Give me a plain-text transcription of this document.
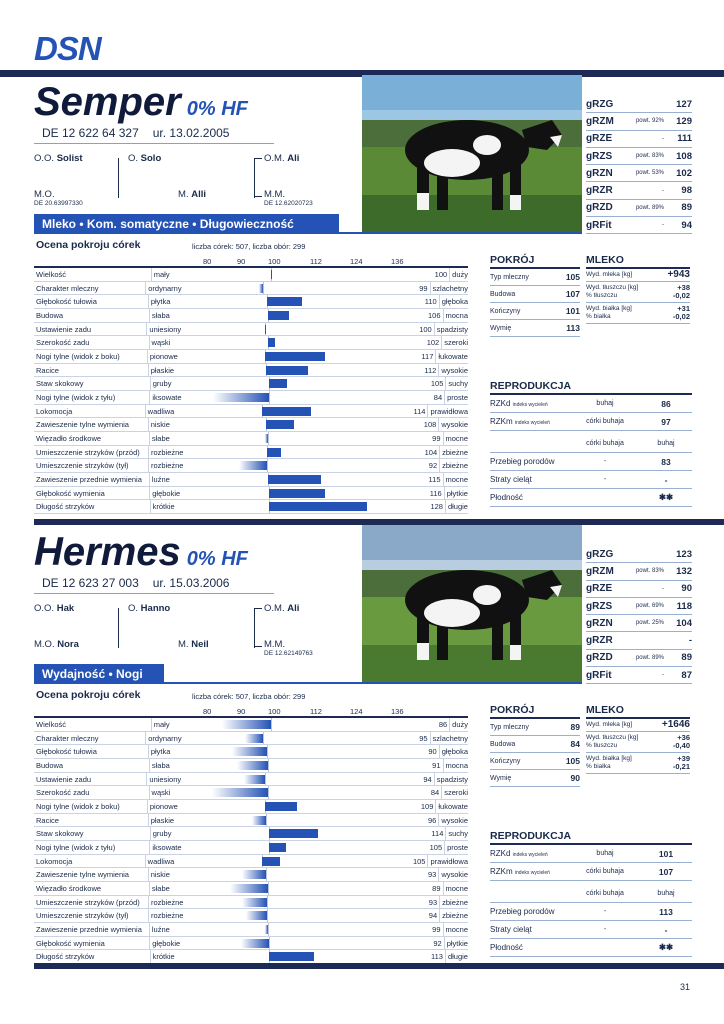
DSN
Semper 0% HF
DE 12 622 64 327 ur. 13.02.2005
O.O. Solist	O. Solo	O.M. Ali
M.O.
DE 20.63997330
M. Alli	M.M.
DE 12.62020723
Mleko • Kom. somatyczne • Długowieczność
gRZG	127
gRZM	powt. 92%	129
gRZE	-	111
gRZS	powt. 83%	108
gRZN	powt. 53%	102
gRZR	-	98
gRZD	powt. 89%	89
gRFit	-	94
Ocena pokroju córek	liczba córek: 507, liczba obór: 299
80	90	100	112	124	136
Wielkość	mały	100 duży
Charakter mleczny	ordynarny	99 szlachetny
Głębokość tułowia	płytka	110 głęboka
Budowa	słaba	106 mocna
Ustawienie zadu	uniesiony	100 spadzisty
Szerokość zadu	wąski	102 szeroki
Nogi tylne (widok z boku)	pionowe	117 łukowate
Racice	płaskie	112 wysokie
Staw skokowy	gruby	105 suchy
Nogi tylne (widok z tyłu)	iksowate	84 proste
Lokomocja	wadliwa	114 prawidłowa
Zawieszenie tylne wymienia	niskie	108 wysokie
Więzadło środkowe	słabe	99 mocne
Umieszczenie strzyków (przód)	rozbieżne	104 zbieżne
Umieszczenie strzyków (tył)	rozbieżne	92 zbieżne
Zawieszenie przednie wymienia	luźne	115 mocne
Głębokość wymienia	głębokie	116 płytkie
Długość strzyków	krótkie	128 długie
POKRÓJ
Typ mleczny	105
Budowa	107
Kończyny	101
Wymię	113
MLEKO
Wyd. mleka [kg]	+943
Wyd. tłuszczu [kg]	+38
% tłuszczu	-0,02
Wyd. białka [kg]	+31
% białka	-0,02
REPRODUKCJA
RZKd indeks wycieleń	buhaj	86
RZKm indeks wycieleń	córki buhaja	97
córki buhaja	buhaj
Przebieg porodów	-	83
Straty cieląt	-	-
Płodność	✱✱
Hermes 0% HF
DE 12 623 27 003 ur. 15.03.2006
O.O. Hak	O. Hanno	O.M. Ali
M.O. Nora	M. Neil	M.M.
DE 12.62149763
Wydajność • Nogi
gRZG	123
gRZM	powt. 83%	132
gRZE	-	90
gRZS	powt. 69%	118
gRZN	powt. 25%	104
gRZR	-
gRZD	powt. 89%	89
gRFit	-	87
Ocena pokroju córek	liczba córek: 507, liczba obór: 299
80	90	100	112	124	136
Wielkość	mały	86 duży
Charakter mleczny	ordynarny	95 szlachetny
Głębokość tułowia	płytka	90 głęboka
Budowa	słaba	91 mocna
Ustawienie zadu	uniesiony	94 spadzisty
Szerokość zadu	wąski	84 szeroki
Nogi tylne (widok z boku)	pionowe	109 łukowate
Racice	płaskie	96 wysokie
Staw skokowy	gruby	114 suchy
Nogi tylne (widok z tyłu)	iksowate	105 proste
Lokomocja	wadliwa	105 prawidłowa
Zawieszenie tylne wymienia	niskie	93 wysokie
Więzadło środkowe	słabe	89 mocne
Umieszczenie strzyków (przód)	rozbieżne	93 zbieżne
Umieszczenie strzyków (tył)	rozbieżne	94 zbieżne
Zawieszenie przednie wymienia	luźne	99 mocne
Głębokość wymienia	głębokie	92 płytkie
Długość strzyków	krótkie	113 długie
POKRÓJ
Typ mleczny	89
Budowa	84
Kończyny	105
Wymię	90
MLEKO
Wyd. mleka [kg]	+1646
Wyd. tłuszczu [kg]	+36
% tłuszczu	-0,40
Wyd. białka [kg]	+39
% białka	-0,21
REPRODUKCJA
RZKd indeks wycieleń	buhaj	101
RZKm indeks wycieleń	córki buhaja	107
córki buhaja	buhaj
Przebieg porodów	-	113
Straty cieląt	-	-
Płodność	✱✱
31
